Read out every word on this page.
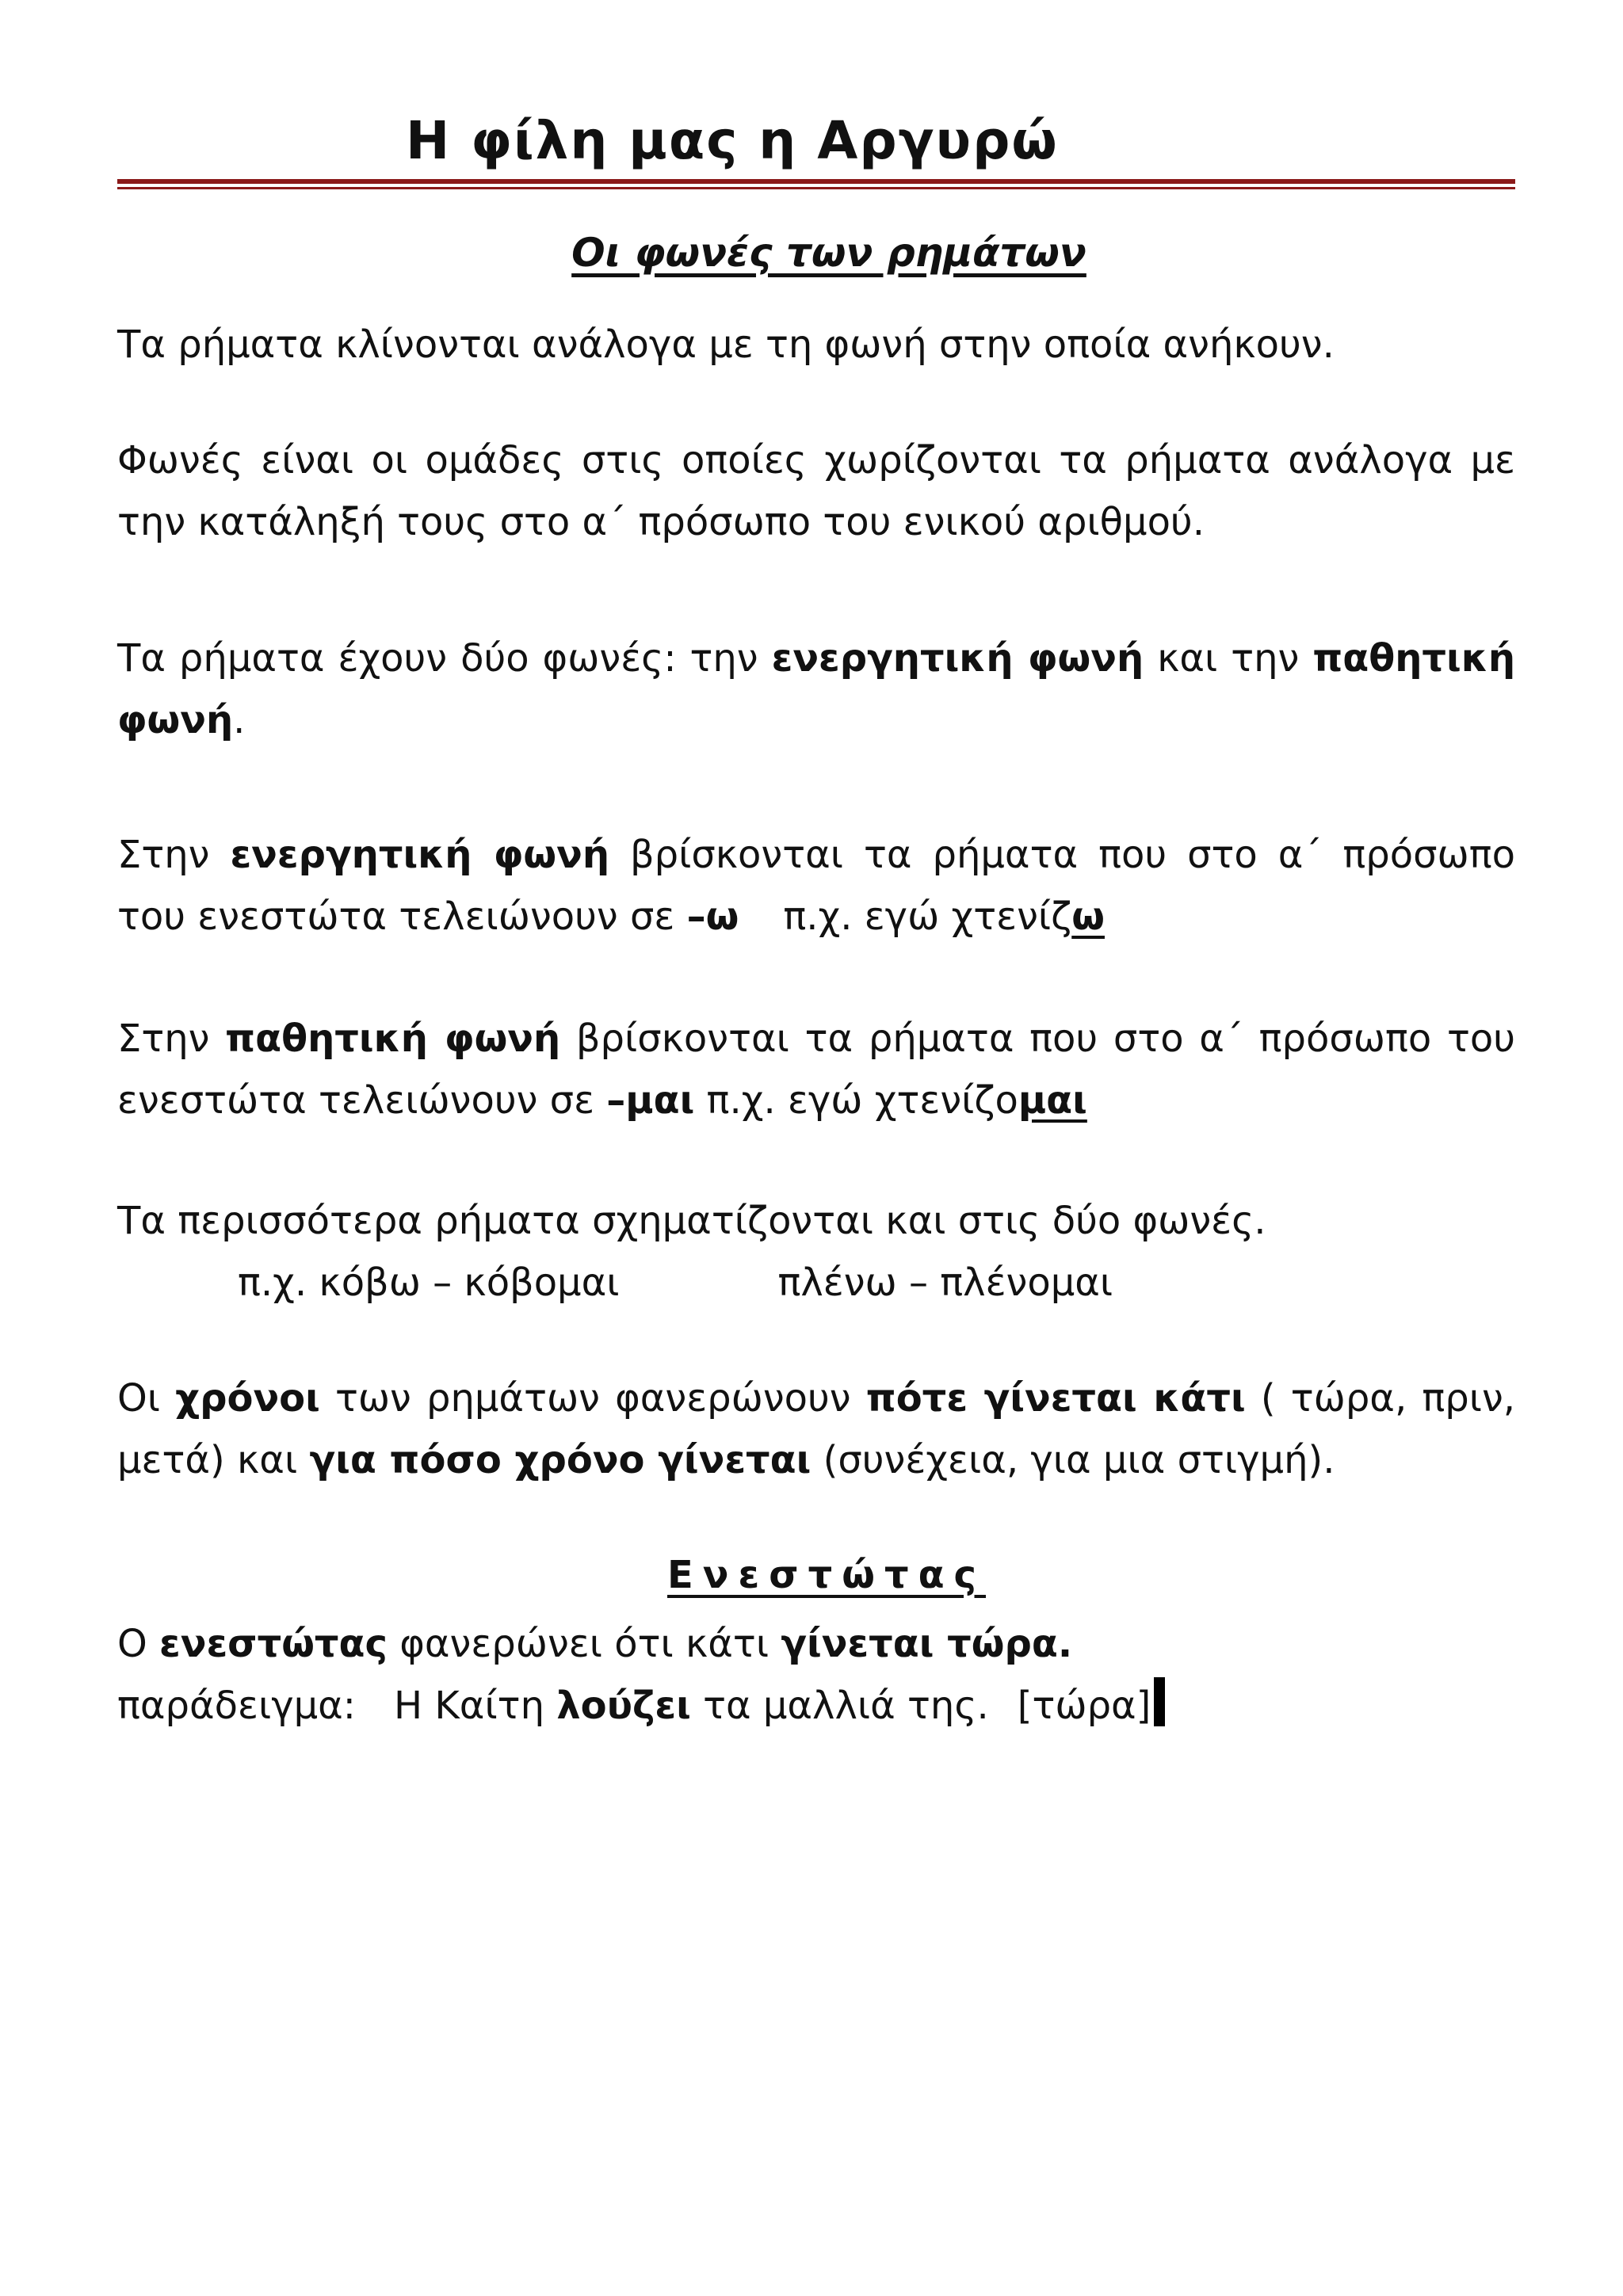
Η φίλη μας η Αργυρώ
Οι φωνές των ρημάτων
Τα ρήματα κλίνονται ανάλογα με τη φωνή στην οποία ανήκουν.
Φωνές είναι οι ομάδες στις οποίες χωρίζονται τα ρήματα ανάλογα με την κατάληξή τους στο α΄ πρόσωπο του ενικού αριθμού.
Τα ρήματα έχουν δύο φωνές: την ενεργητική φωνή και την παθητική φωνή.
Στην ενεργητική φωνή βρίσκονται τα ρήματα που στο α΄ πρόσωπο του ενεστώτα τελειώνουν σε –ω π.χ. εγώ χτενίζω
Στην παθητική φωνή βρίσκονται τα ρήματα που στο α΄ πρόσωπο του ενεστώτα τελειώνουν σε –μαι π.χ. εγώ χτενίζομαι
Τα περισσότερα ρήματα σχηματίζονται και στις δύο φωνές.
π.χ. κόβω – κόβομαι	πλένω – πλένομαι
Οι χρόνοι των ρημάτων φανερώνουν πότε γίνεται κάτι ( τώρα, πριν, μετά) και για πόσο χρόνο γίνεται (συνέχεια, για μια στιγμή).
Ενεστώτας
Ο ενεστώτας φανερώνει ότι κάτι γίνεται τώρα.
παράδειγμα: Η Καίτη λούζει τα μαλλιά της. [τώρα]
